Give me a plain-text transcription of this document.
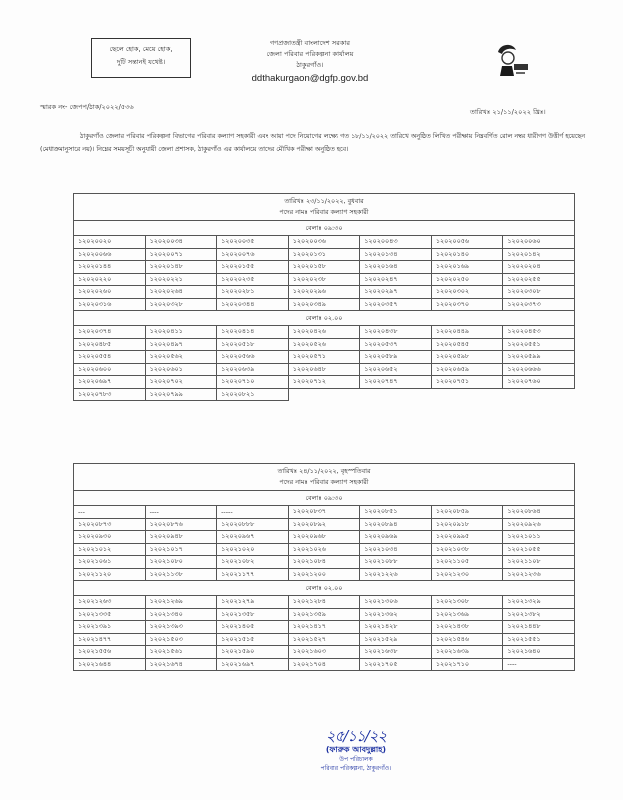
ছেলে হোক, মেয়ে হোক,
দুটি সন্তানই যথেষ্ট।
গণপ্রজাতন্ত্রী বাংলাদেশ সরকার
জেলা পরিবার পরিকল্পনা কার্যালয়
ঠাকুরগাঁও।
ddthakurgaon@dgfp.gov.bd
স্মারক নং- জেপপ/ঠাক/২০২২/৫৩৬
তারিখঃ ২১/১১/২০২২ খ্রিঃ।
ঠাকুরগাঁও জেলার পরিবার পরিকল্পনা বিভাগের পরিবার কল্যাণ সহকারী এবং আয়া পদে নিয়োগের লক্ষ্যে গত ১৮/১১/২০২২ তারিখে অনুষ্ঠিত লিখিত পরীক্ষায় নিম্নবর্ণিত রোল নম্বর ধারীগণ উত্তীর্ণ হয়েছেন (মেধাক্রমানুসারে নয়)। নিম্নের সময়সূচী অনুযায়ী জেলা প্রশাসক, ঠাকুরগাঁও এর কার্যালয়ে তাদের মৌখিক পরীক্ষা অনুষ্ঠিত হবে।
তারিখঃ ২৩/১১/২০২২, বুধবার
পদের নামঃ পরিবার কল্যাণ সহকারী						

বেলাঃ ০৯:৩০						
১২০২০০২০	১২০২০০৩৪	১২০২০০৩৫	১২০২০০৩৬	১২০২০০৪৩	১২০২০০৫৬	১২০২০০৬০
১২০২০০৬৬	১২০২০০৭১	১২০২০০৭৬	১২০২০১৩১	১২০২০১৩৪	১২০২০১৪০	১২০২০১৪২
১২০২০১৪৪	১২০২০১৪৮	১২০২০১৫৫	১২০২০১৫৮	১২০২০১৬৪	১২০২০১৬৯	১২০২০২০৪
১২০২০২২০	১২০২০২২১	১২০২০২৩৫	১২০২০২৩৮	১২০২০২৪৭	১২০২০২৫০	১২০২০২৫৫
১২০২০২৬০	১২০২০২৬৪	১২০২০২৮১	১২০২০২৯৬	১২০২০২৯৭	১২০২০৩০২	১২০২০৩০৮
১২০২০৩১৬	১২০২০৩২৮	১২০২০৩৪৪	১২০২০৩৪৯	১২০২০৩৫৭	১২০২০৩৭০	১২০২০৩৭৩
বেলাঃ ০২.০০						
১২০২০৩৭৪	১২০২০৪১১	১২০২০৪১৪	১২০২০৪২৬	১২০২০৪৩৮	১২০২০৪৪৯	১২০২০৪৫৩
১২০২০৪৮৫	১২০২০৪৯৭	১২০২০৫১৮	১২০২০৫২৬	১২০২০৫৩৭	১২০২০৫৪৫	১২০২০৫৫১
১২০২০৫৫৪	১২০২০৫৬২	১২০২০৫৬৬	১২০২০৫৭১	১২০২০৫৮৯	১২০২০৫৯৮	১২০২০৫৯৯
১২০২০৬০০	১২০২০৬০১	১২০২০৬৩৯	১২০২০৬৪৮	১২০২০৬৫২	১২০২০৬৫৯	১২০২০৬৬৬
১২০২০৬৯৭	১২০২০৭০২	১২০২০৭১০	১২০২০৭১২	১২০২০৭৪৭	১২০২০৭৫১	১২০২০৭৬০
১২০২০৭৮৩	১২০২০৭৯৯	১২০২০৮২১				
তারিখঃ ২৪/১১/২০২২, বৃহস্পতিবার
পদের নামঃ পরিবার কল্যাণ সহকারী						

বেলাঃ ০৯:৩০						
---	----	-----	১২০২০৮৩৭	১২০২০৮৫১	১২০২০৮৫৯	১২০২০৮৬৪
১২০২০৮৭৩	১২০২০৮৭৬	১২০২০৮৮৮	১২০২০৮৯২	১২০২০৮৯৪	১২০২০৯১৮	১২০২০৯২৬
১২০২০৯৩০	১২০২০৯৪৮	১২০২০৯৬৭	১২০২০৯৬৮	১২০২০৯৬৯	১২০২০৯৯৫	১২০২১০১১
১২০২১০১২	১২০২১০১৭	১২০২১০২০	১২০২১০২৬	১২০২১০৩৪	১২০২১০৩৮	১২০২১০৫৫
১২০২১০৬১	১২০২১০৮০	১২০২১০৮২	১২০২১০৮৪	১২০২১০৮৮	১২০২১১০৫	১২০২১১০৮
১২০২১১২০	১২০২১১৩৮	১২০২১১৭৭	১২০২১২০০	১২০২১২২৬	১২০২১২৩০	১২০২১২৩৬
বেলাঃ ০২.০০						
১২০২১২৬৩	১২০২১২৬৯	১২০২১২৭৯	১২০২১২৮৪	১২০২১৩০৬	১২০২১৩০৮	১২০২১৩২৯
১২০২১৩৩৫	১২০২১৩৪০	১২০২১৩৫৮	১২০২১৩৫৯	১২০২১৩৬২	১২০২১৩৬৯	১২০২১৩৮২
১২০২১৩৯১	১২০২১৩৯৩	১২০২১৪০৫	১২০২১৪১৭	১২০২১৪২৮	১২০২১৪৩৮	১২০২১৪৪৮
১২০২১৪৭৭	১২০২১৫০৩	১২০২১৫১৫	১২০২১৫২৭	১২০২১৫২৯	১২০২১৫৪৬	১২০২১৫৫১
১২০২১৫৫৬	১২০২১৫৬১	১২০২১৫৯০	১২০২১৬০৩	১২০২১৬৩৮	১২০২১৬৩৯	১২০২১৬৪০
১২০২১৬৪৪	১২০২১৬৭৪	১২০২১৬৯৭	১২০২১৭০৪	১২০২১৭০৫	১২০২১৭১০	----
২৫/১১/২২
(ফারুক আবদুল্লাহ)
উপ পরিচালক
পরিবার পরিকল্পনা, ঠাকুরগাঁও।
